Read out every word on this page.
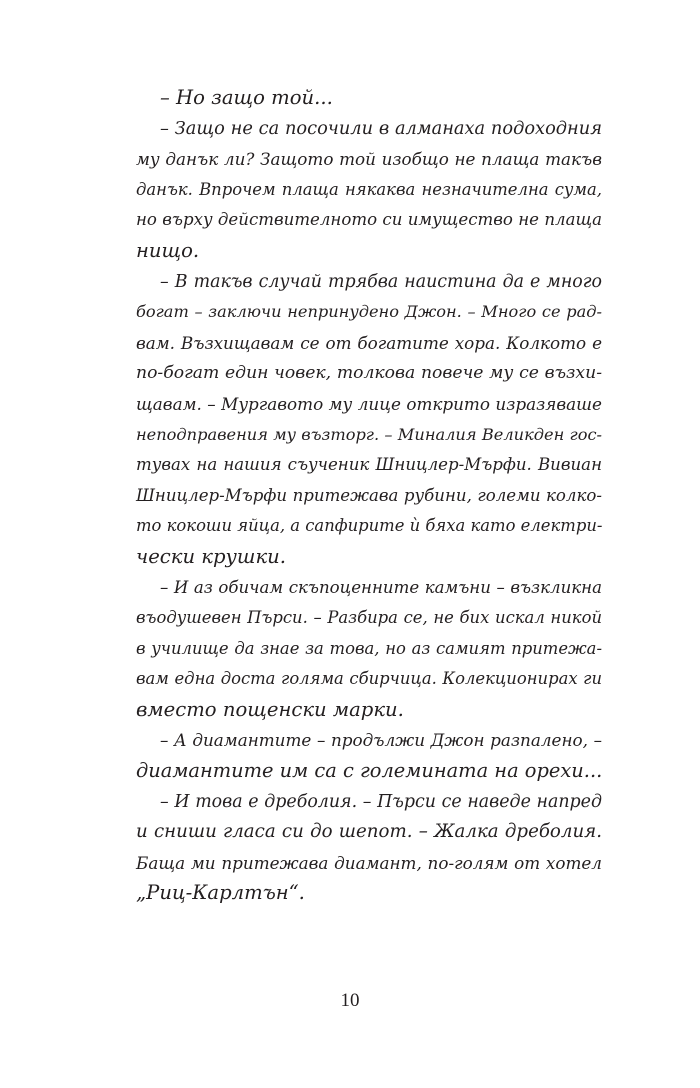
– Но защо той...
– Защо не са посочили в алманаха подоходния
му данък ли? Защото той изобщо не плаща такъв
данък. Впрочем плаща някаква незначителна сума,
но върху действителното си имущество не плаща
нищо.
– В такъв случай трябва наистина да е много
богат – заключи непринудено Джон. – Много се рад-
вам. Възхищавам се от богатите хора. Колкото е
по-богат един човек, толкова повече му се възхи-
щавам. – Мургавото му лице открито изразяваше
неподправения му възторг. – Миналия Великден гос-
тувах на нашия съученик Шницлер-Мърфи. Вивиан
Шницлер-Мърфи притежава рубини, големи колко-
то кокоши яйца, а сапфирите ѝ бяха като електри-
чески крушки.
– И аз обичам скъпоценните камъни – възкликна
въодушевен Пърси. – Разбира се, не бих искал никой
в училище да знае за това, но аз самият притежа-
вам една доста голяма сбирчица. Колекционирах ги
вместо пощенски марки.
– А диамантите – продължи Джон разпалено, –
диамантите им са с големината на орехи...
– И това е дреболия. – Пърси се наведе напред
и сниши гласа си до шепот. – Жалка дреболия.
Баща ми притежава диамант, по-голям от хотел
„Риц-Карлтън“.
10
